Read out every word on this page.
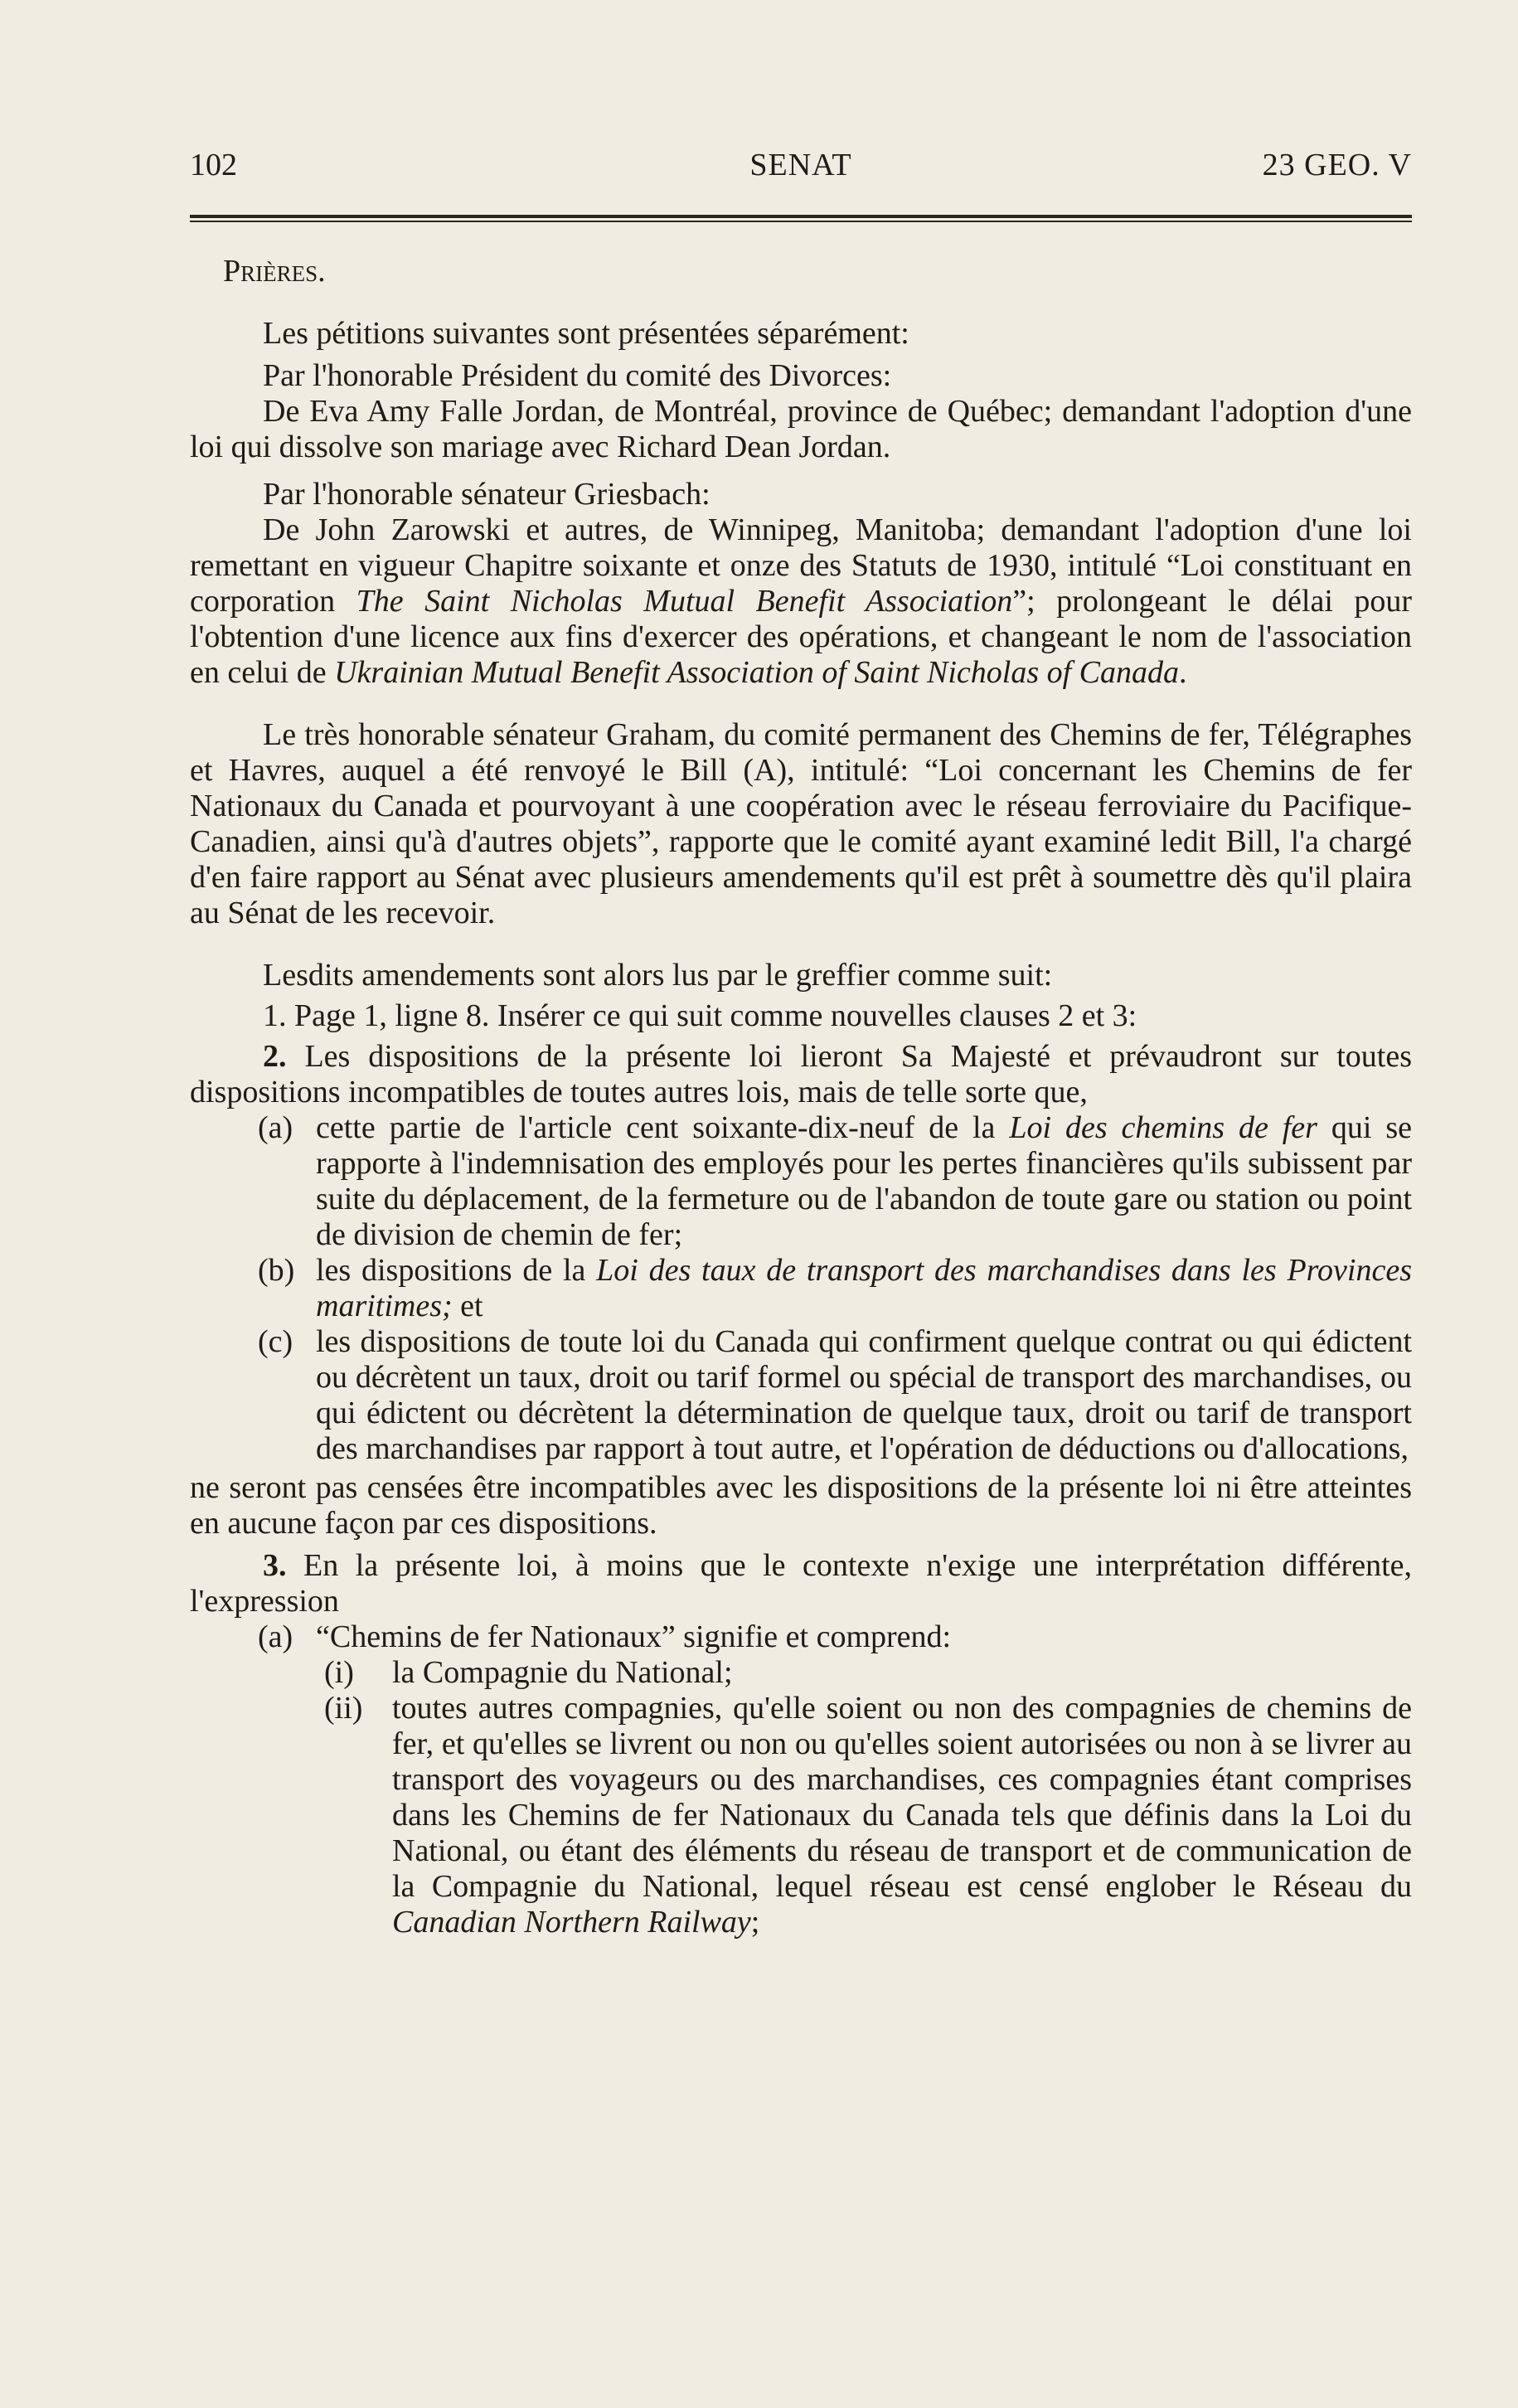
102	SENAT	23 GEO. V

Prières.

Les pétitions suivantes sont présentées séparément:

Par l'honorable Président du comité des Divorces:

De Eva Amy Falle Jordan, de Montréal, province de Québec; demandant l'adoption d'une loi qui dissolve son mariage avec Richard Dean Jordan.

Par l'honorable sénateur Griesbach:

De John Zarowski et autres, de Winnipeg, Manitoba; demandant l'adoption d'une loi remettant en vigueur Chapitre soixante et onze des Statuts de 1930, intitulé “Loi constituant en corporation The Saint Nicholas Mutual Benefit Association”; prolongeant le délai pour l'obtention d'une licence aux fins d'exercer des opérations, et changeant le nom de l'association en celui de Ukrainian Mutual Benefit Association of Saint Nicholas of Canada.

Le très honorable sénateur Graham, du comité permanent des Chemins de fer, Télégraphes et Havres, auquel a été renvoyé le Bill (A), intitulé: “Loi concernant les Chemins de fer Nationaux du Canada et pourvoyant à une coopération avec le réseau ferroviaire du Pacifique-Canadien, ainsi qu'à d'autres objets”, rapporte que le comité ayant examiné ledit Bill, l'a chargé d'en faire rapport au Sénat avec plusieurs amendements qu'il est prêt à soumettre dès qu'il plaira au Sénat de les recevoir.

Lesdits amendements sont alors lus par le greffier comme suit:

1. Page 1, ligne 8. Insérer ce qui suit comme nouvelles clauses 2 et 3:

2. Les dispositions de la présente loi lieront Sa Majesté et prévaudront sur toutes dispositions incompatibles de toutes autres lois, mais de telle sorte que,

(a) cette partie de l'article cent soixante-dix-neuf de la Loi des chemins de fer qui se rapporte à l'indemnisation des employés pour les pertes financières qu'ils subissent par suite du déplacement, de la fermeture ou de l'abandon de toute gare ou station ou point de division de chemin de fer;
(b) les dispositions de la Loi des taux de transport des marchandises dans les Provinces maritimes; et
(c) les dispositions de toute loi du Canada qui confirment quelque contrat ou qui édictent ou décrètent un taux, droit ou tarif formel ou spécial de transport des marchandises, ou qui édictent ou décrètent la détermination de quelque taux, droit ou tarif de transport des marchandises par rapport à tout autre, et l'opération de déductions ou d'allocations,

ne seront pas censées être incompatibles avec les dispositions de la présente loi ni être atteintes en aucune façon par ces dispositions.

3. En la présente loi, à moins que le contexte n'exige une interprétation différente, l'expression

(a) “Chemins de fer Nationaux” signifie et comprend:
(i)	la Compagnie du National;
(ii) toutes autres compagnies, qu'elle soient ou non des compagnies de chemins de fer, et qu'elles se livrent ou non ou qu'elles soient autorisées ou non à se livrer au transport des voyageurs ou des marchandises, ces compagnies étant comprises dans les Chemins de fer Nationaux du Canada tels que définis dans la Loi du National, ou étant des éléments du réseau de transport et de communication de la Compagnie du National, lequel réseau est censé englober le Réseau du Canadian Northern Railway;
